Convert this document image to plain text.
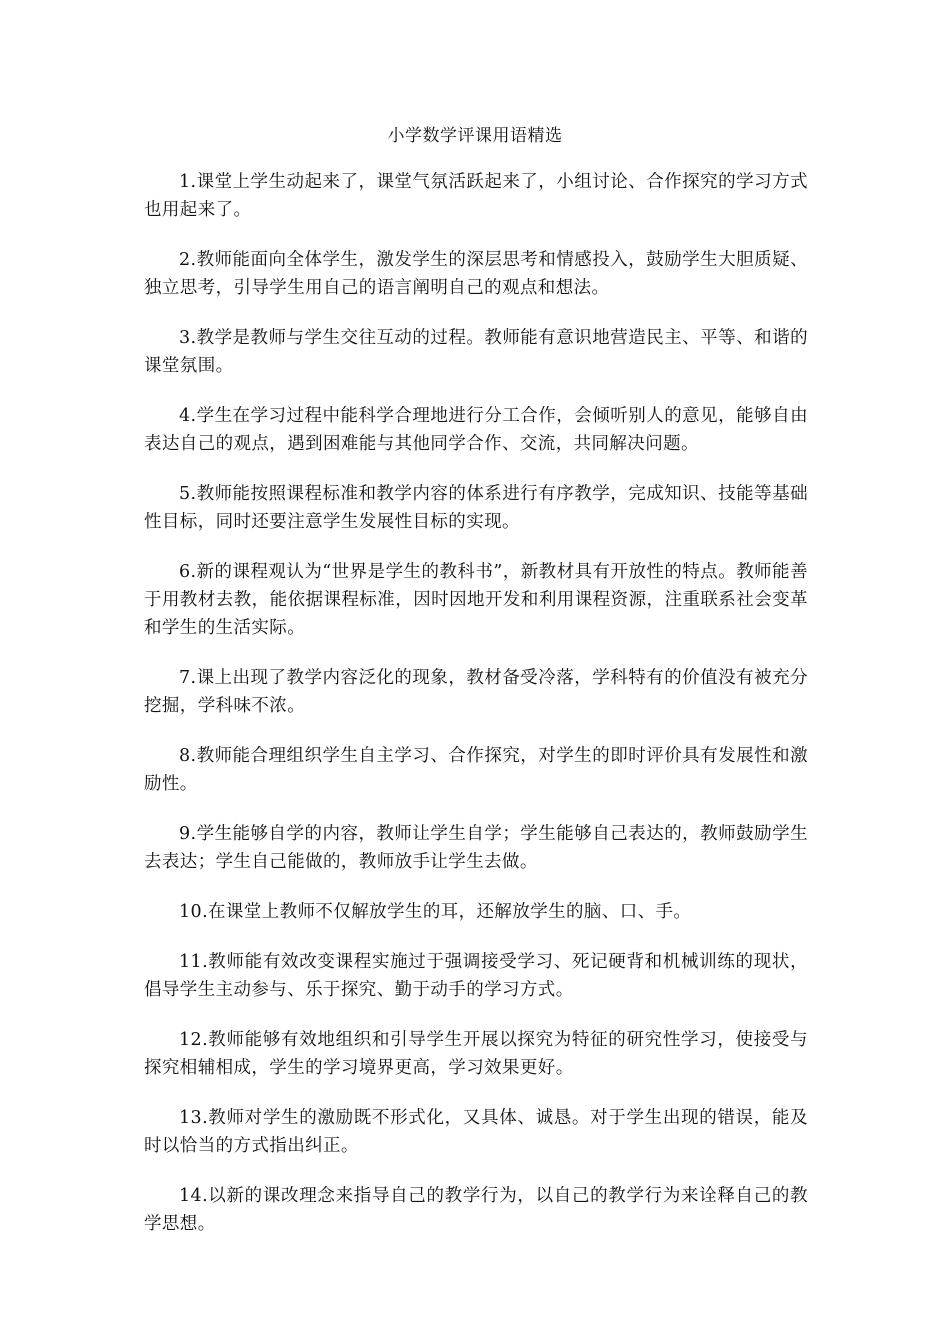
小学数学评课用语精选

1.课堂上学生动起来了，课堂气氛活跃起来了，小组讨论、合作探究的学习方式也用起来了。

2.教师能面向全体学生，激发学生的深层思考和情感投入，鼓励学生大胆质疑、独立思考，引导学生用自己的语言阐明自己的观点和想法。

3.教学是教师与学生交往互动的过程。教师能有意识地营造民主、平等、和谐的课堂氛围。

4.学生在学习过程中能科学合理地进行分工合作，会倾听别人的意见，能够自由表达自己的观点，遇到困难能与其他同学合作、交流，共同解决问题。

5.教师能按照课程标准和教学内容的体系进行有序教学，完成知识、技能等基础性目标，同时还要注意学生发展性目标的实现。

6.新的课程观认为“世界是学生的教科书”，新教材具有开放性的特点。教师能善于用教材去教，能依据课程标准，因时因地开发和利用课程资源，注重联系社会变革和学生的生活实际。

7.课上出现了教学内容泛化的现象，教材备受冷落，学科特有的价值没有被充分挖掘，学科味不浓。

8.教师能合理组织学生自主学习、合作探究，对学生的即时评价具有发展性和激励性。

9.学生能够自学的内容，教师让学生自学；学生能够自己表达的，教师鼓励学生去表达；学生自己能做的，教师放手让学生去做。

10.在课堂上教师不仅解放学生的耳，还解放学生的脑、口、手。

11.教师能有效改变课程实施过于强调接受学习、死记硬背和机械训练的现状，倡导学生主动参与、乐于探究、勤于动手的学习方式。

12.教师能够有效地组织和引导学生开展以探究为特征的研究性学习，使接受与探究相辅相成，学生的学习境界更高，学习效果更好。

13.教师对学生的激励既不形式化，又具体、诚恳。对于学生出现的错误，能及时以恰当的方式指出纠正。

14.以新的课改理念来指导自己的教学行为，以自己的教学行为来诠释自己的教学思想。
